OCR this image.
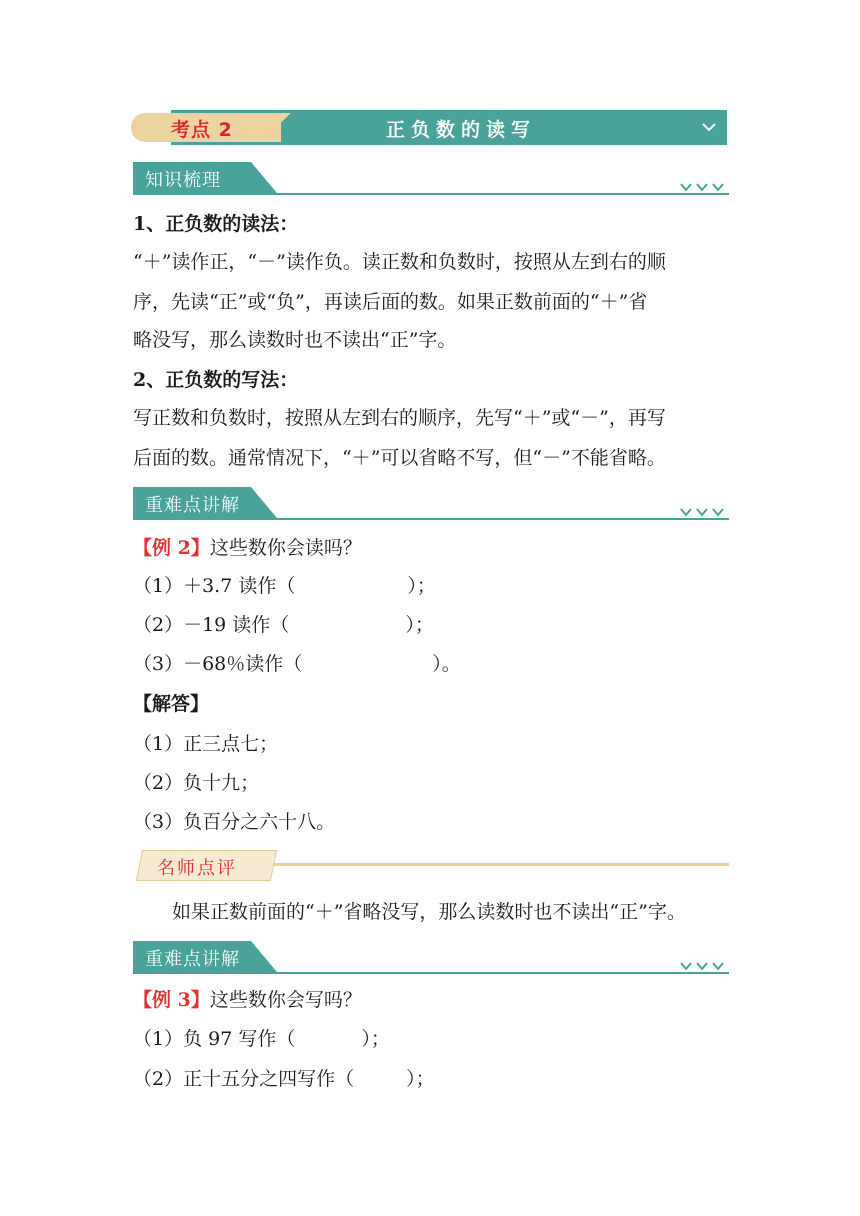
考点 2	正负数的读写
知识梳理
1、正负数的读法：
“＋”读作正，“－”读作负。读正数和负数时，按照从左到右的顺
序，先读“正”或“负”，再读后面的数。如果正数前面的“＋”省
略没写，那么读数时也不读出“正”字。
2、正负数的写法：
写正数和负数时，按照从左到右的顺序，先写“＋”或“－”，再写
后面的数。通常情况下，“＋”可以省略不写，但“－”不能省略。
重难点讲解
【例 2】这些数你会读吗？
（1）＋3.7 读作（	）；
（2）－19 读作（	）；
（3）－68％读作（	）。
【解答】
（1）正三点七；
（2）负十九；
（3）负百分之六十八。
名师点评
如果正数前面的“＋”省略没写，那么读数时也不读出“正”字。
重难点讲解
【例 3】这些数你会写吗？
（1）负 97 写作（	）；
（2）正十五分之四写作（	）；
